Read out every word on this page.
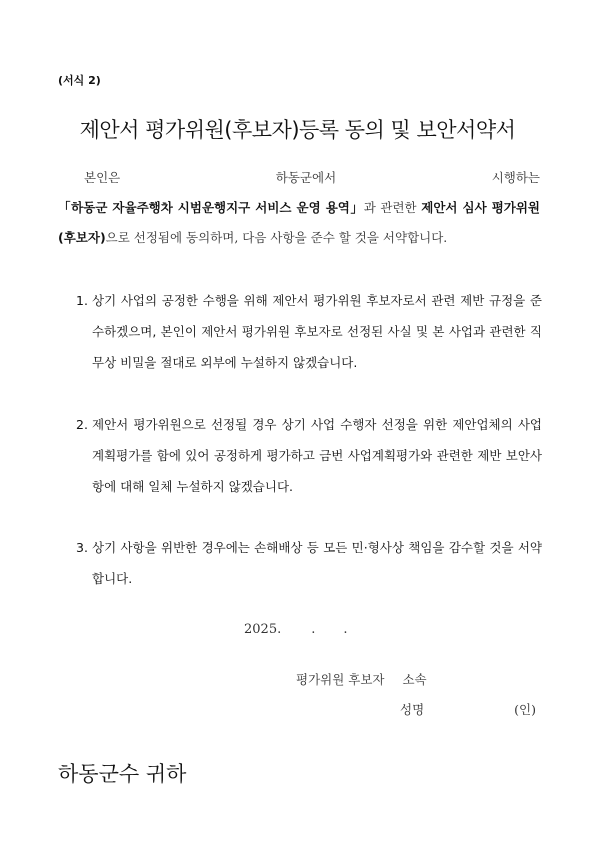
(서식 2)
제안서 평가위원(후보자)등록 동의 및 보안서약서
본인은 하동군에서 시행하는 「하동군 자율주행차 시범운행지구 서비스 운영 용역」과 관련한 제안서 심사 평가위원(후보자)으로 선정됨에 동의하며, 다음 사항을 준수 할 것을 서약합니다.
1. 상기 사업의 공정한 수행을 위해 제안서 평가위원 후보자로서 관련 제반 규정을 준수하겠으며, 본인이 제안서 평가위원 후보자로 선정된 사실 및 본 사업과 관련한 직무상 비밀을 절대로 외부에 누설하지 않겠습니다.
2. 제안서 평가위원으로 선정될 경우 상기 사업 수행자 선정을 위한 제안업체의 사업계획평가를 함에 있어 공정하게 평가하고 금번 사업계획평가와 관련한 제반 보안사항에 대해 일체 누설하지 않겠습니다.
3. 상기 사항을 위반한 경우에는 손해배상 등 모든 민·형사상 책임을 감수할 것을 서약합니다.
2025. . .
평가위원 후보자 소속
성명	(인)
하동군수 귀하
